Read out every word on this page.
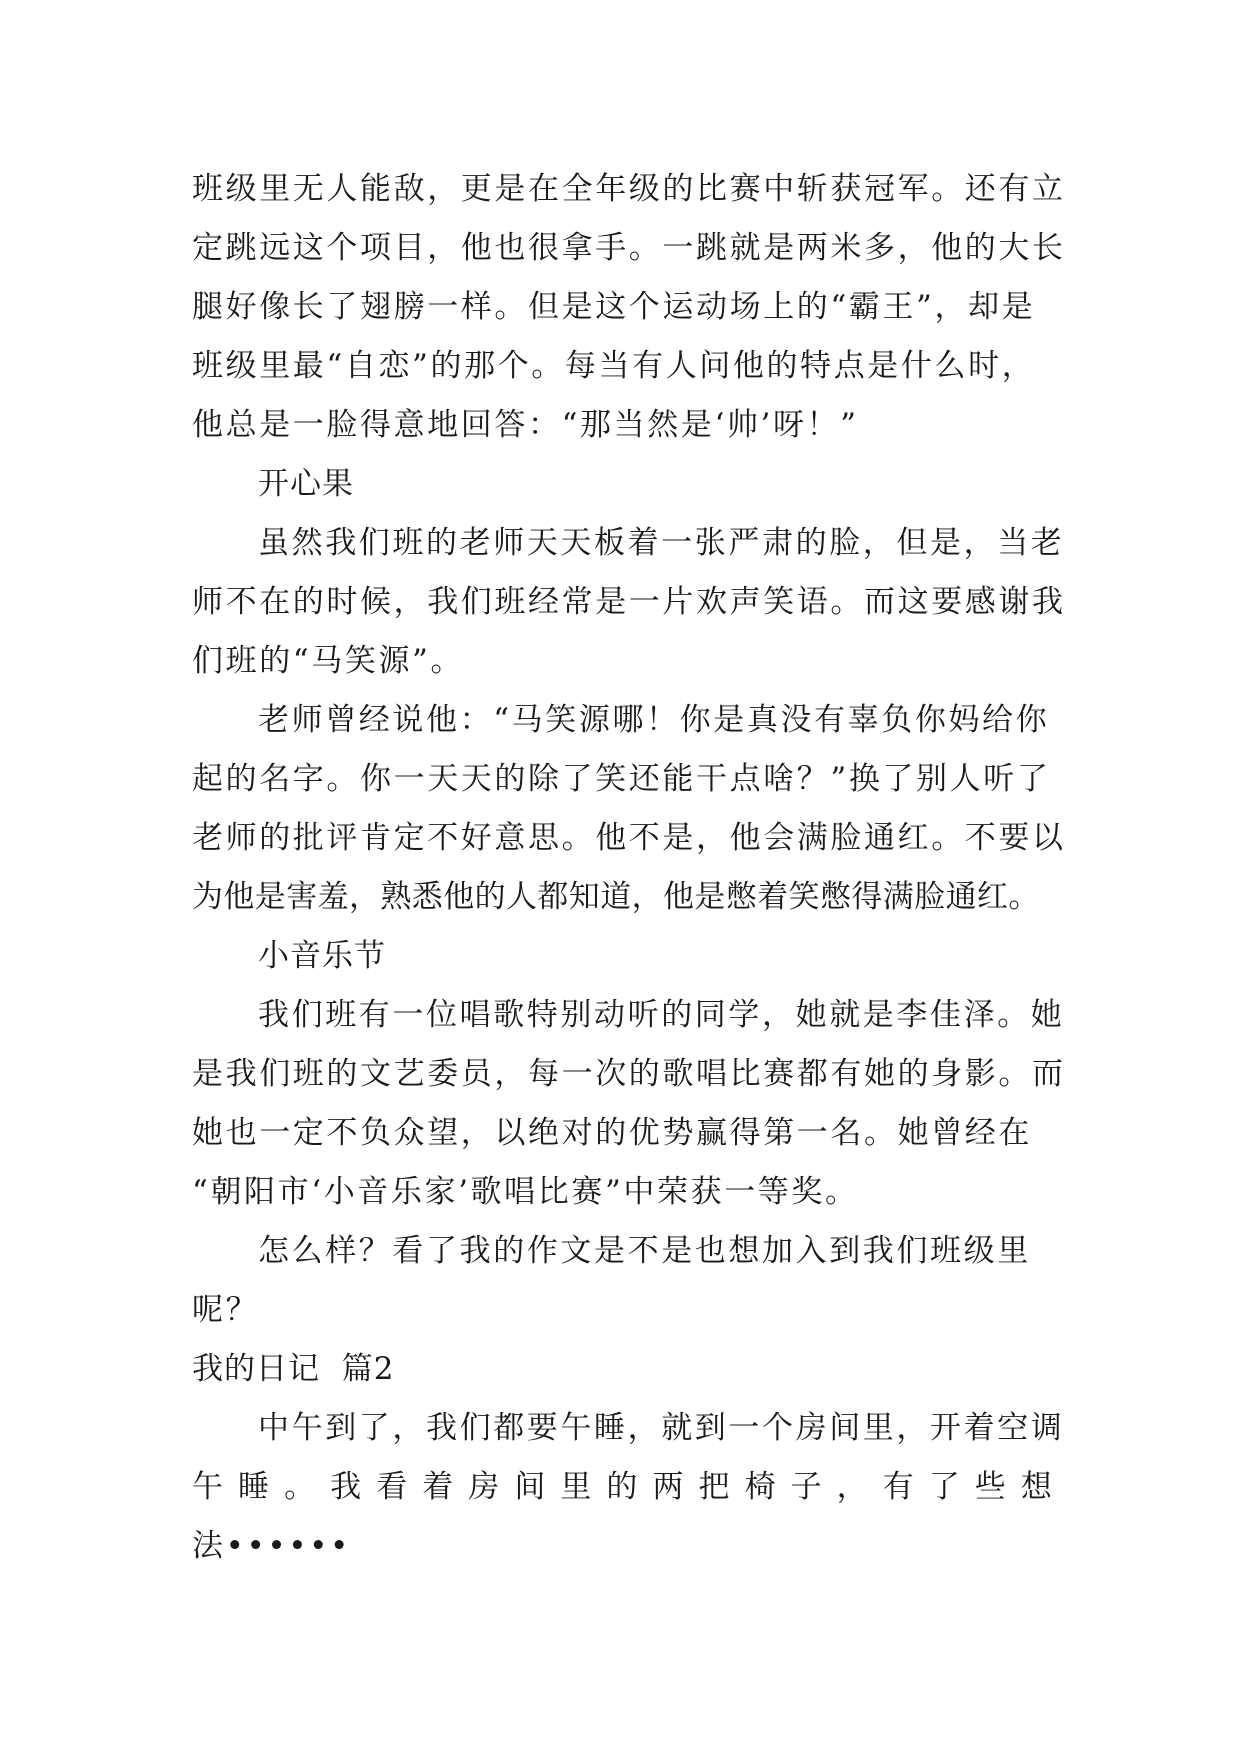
班级里无人能敌，更是在全年级的比赛中斩获冠军。还有立

定跳远这个项目，他也很拿手。一跳就是两米多，他的大长

腿好像长了翅膀一样。但是这个运动场上的“霸王”，却是

班级里最“自恋”的那个。每当有人问他的特点是什么时，

他总是一脸得意地回答：“那当然是‘帅’呀！”

开心果

虽然我们班的老师天天板着一张严肃的脸，但是，当老

师不在的时候，我们班经常是一片欢声笑语。而这要感谢我

们班的“马笑源”。

老师曾经说他：“马笑源哪！你是真没有辜负你妈给你

起的名字。你一天天的除了笑还能干点啥？”换了别人听了

老师的批评肯定不好意思。他不是，他会满脸通红。不要以

为他是害羞，熟悉他的人都知道，他是憋着笑憋得满脸通红。

小音乐节

我们班有一位唱歌特别动听的同学，她就是李佳泽。她

是我们班的文艺委员，每一次的歌唱比赛都有她的身影。而

她也一定不负众望，以绝对的优势赢得第一名。她曾经在

“朝阳市‘小音乐家’歌唱比赛”中荣获一等奖。

怎么样？看了我的作文是不是也想加入到我们班级里

呢？

我的日记  篇2

中午到了，我们都要午睡，就到一个房间里，开着空调

午 睡 。 我 看 着 房 间 里 的 两 把 椅 子 ， 有 了 些 想

法••••••
